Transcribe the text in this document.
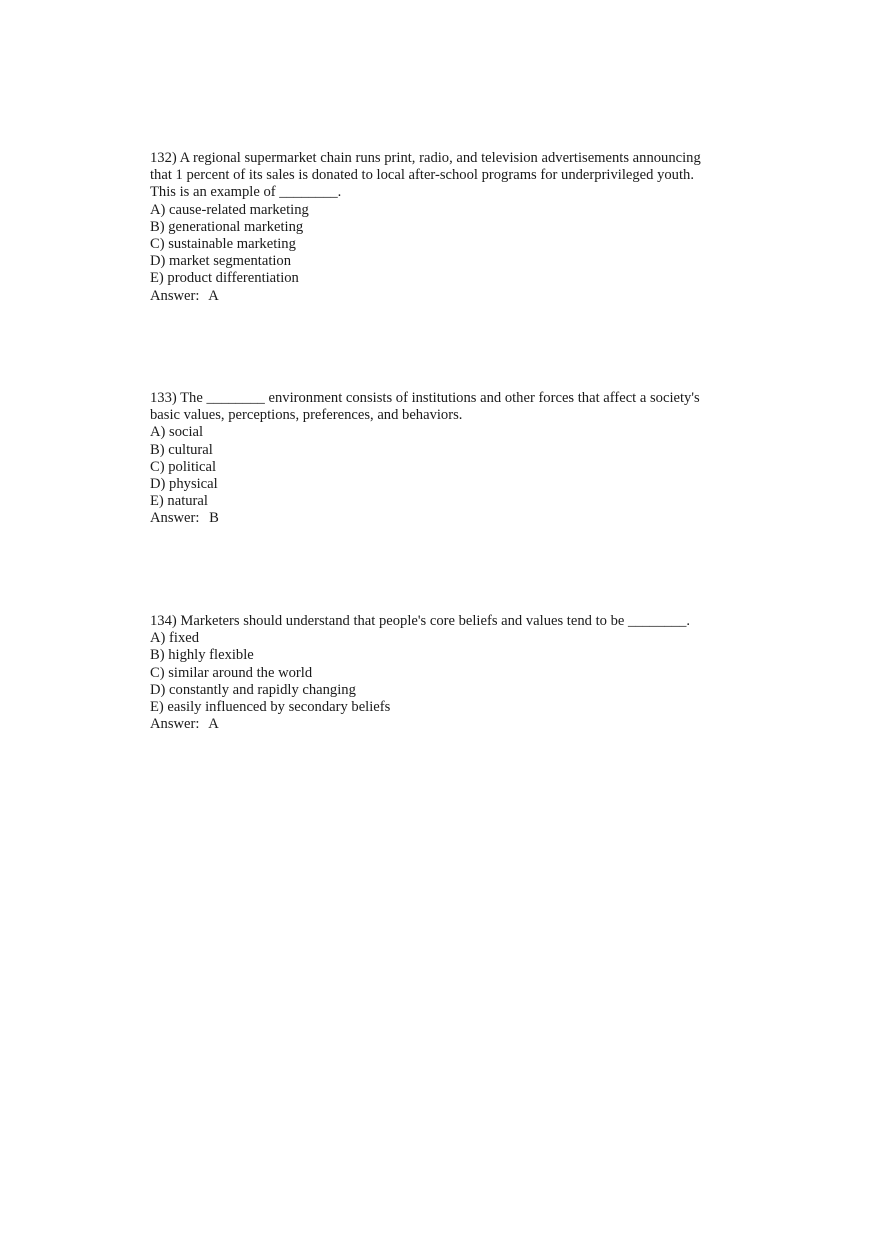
132) A regional supermarket chain runs print, radio, and television advertisements announcing
that 1 percent of its sales is donated to local after-school programs for underprivileged youth.
This is an example of ________.
A) cause-related marketing
B) generational marketing
C) sustainable marketing
D) market segmentation
E) product differentiation
Answer: A
133) The ________ environment consists of institutions and other forces that affect a society's
basic values, perceptions, preferences, and behaviors.
A) social
B) cultural
C) political
D) physical
E) natural
Answer: B
134) Marketers should understand that people's core beliefs and values tend to be ________.
A) fixed
B) highly flexible
C) similar around the world
D) constantly and rapidly changing
E) easily influenced by secondary beliefs
Answer: A
